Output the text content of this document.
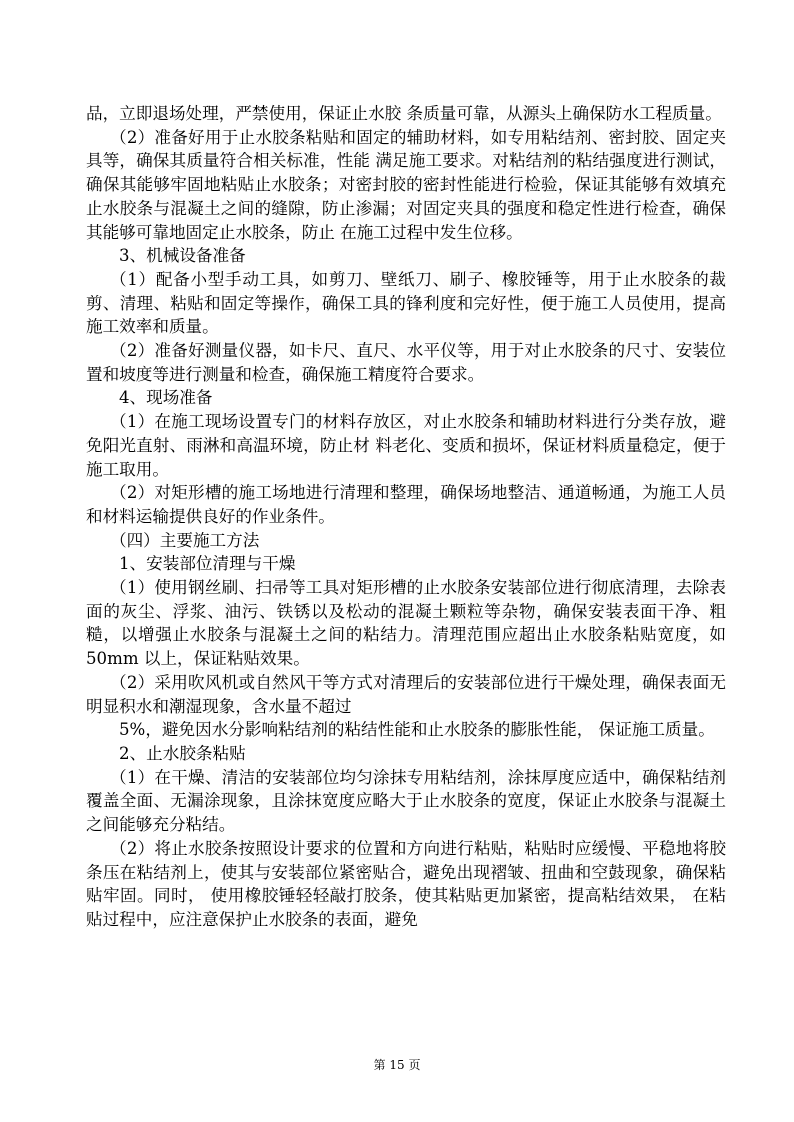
品，立即退场处理，严禁使用，保证止水胶 条质量可靠，从源头上确保防水工程质量。

（2）准备好用于止水胶条粘贴和固定的辅助材料，如专用粘结剂、密封胶、固定夹具等，确保其质量符合相关标准，性能 满足施工要求。对粘结剂的粘结强度进行测试，确保其能够牢固地粘贴止水胶条；对密封胶的密封性能进行检验，保证其能够有效填充止水胶条与混凝土之间的缝隙，防止渗漏；对固定夹具的强度和稳定性进行检查，确保其能够可靠地固定止水胶条，防止 在施工过程中发生位移。

3、机械设备准备

（1）配备小型手动工具，如剪刀、壁纸刀、刷子、橡胶锤等，用于止水胶条的裁剪、清理、粘贴和固定等操作，确保工具的锋利度和完好性，便于施工人员使用，提高施工效率和质量。

（2）准备好测量仪器，如卡尺、直尺、水平仪等，用于对止水胶条的尺寸、安装位置和坡度等进行测量和检查，确保施工精度符合要求。

4、现场准备

（1）在施工现场设置专门的材料存放区，对止水胶条和辅助材料进行分类存放，避免阳光直射、雨淋和高温环境，防止材 料老化、变质和损坏，保证材料质量稳定，便于施工取用。

（2）对矩形槽的施工场地进行清理和整理，确保场地整洁、通道畅通，为施工人员和材料运输提供良好的作业条件。

（四）主要施工方法

1、安装部位清理与干燥

（1）使用钢丝刷、扫帚等工具对矩形槽的止水胶条安装部位进行彻底清理，去除表面的灰尘、浮浆、油污、铁锈以及松动的混凝土颗粒等杂物，确保安装表面干净、粗糙，以增强止水胶条与混凝土之间的粘结力。清理范围应超出止水胶条粘贴宽度，如 50mm 以上，保证粘贴效果。

（2）采用吹风机或自然风干等方式对清理后的安装部位进行干燥处理，确保表面无明显积水和潮湿现象，含水量不超过

5%，避免因水分影响粘结剂的粘结性能和止水胶条的膨胀性能， 保证施工质量。

2、止水胶条粘贴

（1）在干燥、清洁的安装部位均匀涂抹专用粘结剂，涂抹厚度应适中，确保粘结剂覆盖全面、无漏涂现象，且涂抹宽度应略大于止水胶条的宽度，保证止水胶条与混凝土之间能够充分粘结。

（2）将止水胶条按照设计要求的位置和方向进行粘贴，粘贴时应缓慢、平稳地将胶条压在粘结剂上，使其与安装部位紧密贴合，避免出现褶皱、扭曲和空鼓现象，确保粘贴牢固。同时， 使用橡胶锤轻轻敲打胶条，使其粘贴更加紧密，提高粘结效果， 在粘贴过程中，应注意保护止水胶条的表面，避免

第 15 页
